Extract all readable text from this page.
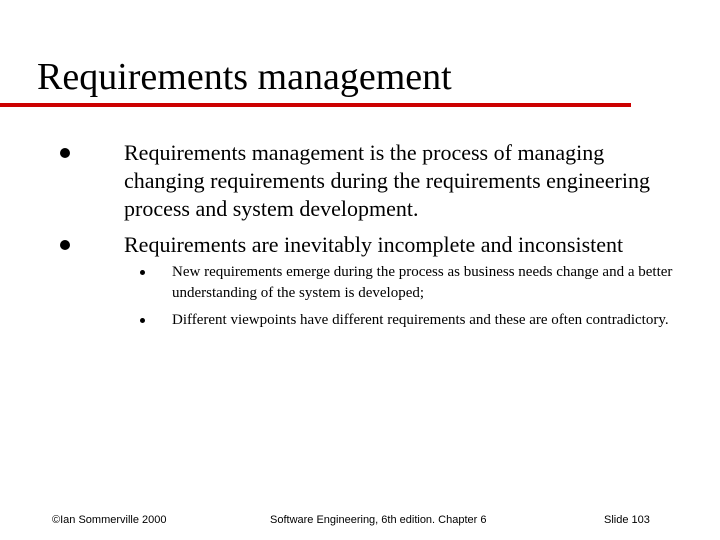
Requirements management
Requirements management is the process of managing changing requirements during the requirements engineering process and system development.
Requirements are inevitably incomplete and inconsistent
New requirements emerge during the process as business needs change and a better understanding of the system is developed;
Different viewpoints have different requirements and these are often contradictory.
©Ian Sommerville 2000	Software Engineering, 6th edition. Chapter 6	Slide 103
